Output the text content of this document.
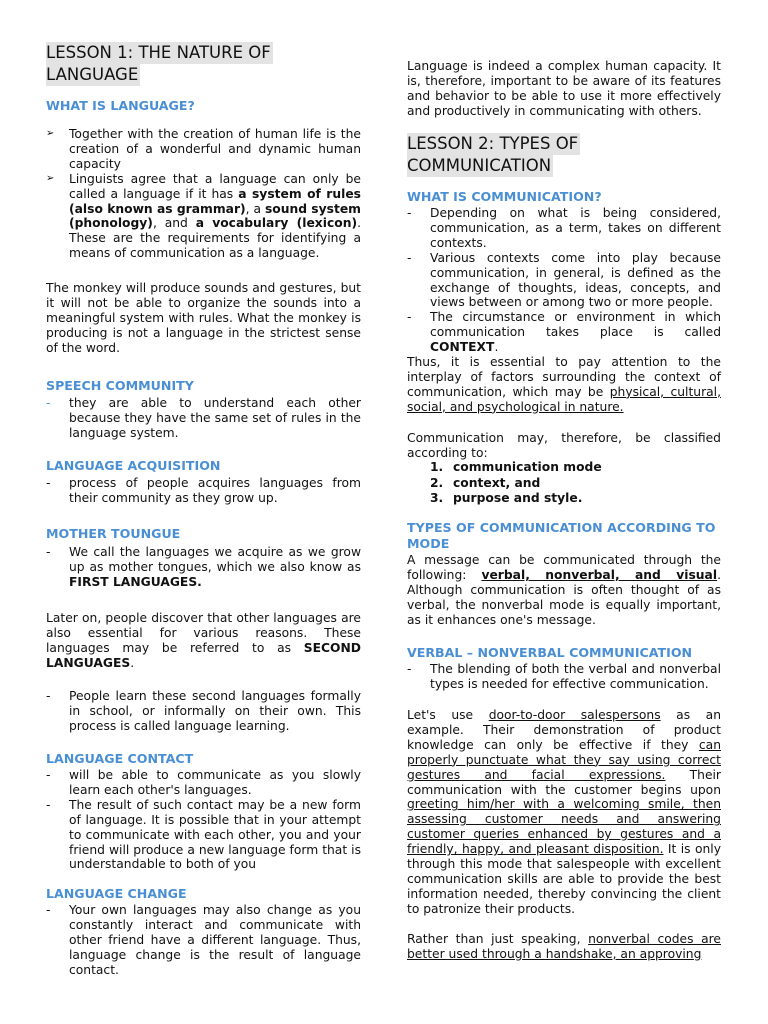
LESSON 1: THE NATURE OF
LANGUAGE
WHAT IS LANGUAGE?
➢ Together with the creation of human life is the creation of a wonderful and dynamic human capacity
➢ Linguists agree that a language can only be called a language if it has a system of rules (also known as grammar), a sound system (phonology), and a vocabulary (lexicon). These are the requirements for identifying a means of communication as a language.

The monkey will produce sounds and gestures, but it will not be able to organize the sounds into a meaningful system with rules. What the monkey is producing is not a language in the strictest sense of the word.

SPEECH COMMUNITY
- they are able to understand each other because they have the same set of rules in the language system.
LANGUAGE ACQUISITION
- process of people acquires languages from their community as they grow up.
MOTHER TOUNGUE
- We call the languages we acquire as we grow up as mother tongues, which we also know as FIRST LANGUAGES.

Later on, people discover that other languages are also essential for various reasons. These languages may be referred to as SECOND LANGUAGES.

- People learn these second languages formally in school, or informally on their own. This process is called language learning.
LANGUAGE CONTACT
- will be able to communicate as you slowly learn each other's languages.
- The result of such contact may be a new form of language. It is possible that in your attempt to communicate with each other, you and your friend will produce a new language form that is understandable to both of you
LANGUAGE CHANGE
- Your own languages may also change as you constantly interact and communicate with other friend have a different language. Thus, language change is the result of language contact.

Language is indeed a complex human capacity. It is, therefore, important to be aware of its features and behavior to be able to use it more effectively and productively in communicating with others.

LESSON 2: TYPES OF
COMMUNICATION
WHAT IS COMMUNICATION?
- Depending on what is being considered, communication, as a term, takes on different contexts.
- Various contexts come into play because communication, in general, is defined as the exchange of thoughts, ideas, concepts, and views between or among two or more people.
- The circumstance or environment in which communication takes place is called CONTEXT.

Thus, it is essential to pay attention to the interplay of factors surrounding the context of communication, which may be physical, cultural, social, and psychological in nature.

Communication may, therefore, be classified according to:

1. communication mode
2. context, and
3. purpose and style.
TYPES OF COMMUNICATION ACCORDING TO MODE

A message can be communicated through the following: verbal, nonverbal, and visual. Although communication is often thought of as verbal, the nonverbal mode is equally important, as it enhances one's message.

VERBAL – NONVERBAL COMMUNICATION
- The blending of both the verbal and nonverbal types is needed for effective communication.

Let's use door-to-door salespersons as an example. Their demonstration of product knowledge can only be effective if they can properly punctuate what they say using correct gestures and facial expressions. Their communication with the customer begins upon greeting him/her with a welcoming smile, then assessing customer needs and answering customer queries enhanced by gestures and a friendly, happy, and pleasant disposition. It is only through this mode that salespeople with excellent communication skills are able to provide the best information needed, thereby convincing the client to patronize their products.

Rather than just speaking, nonverbal codes are better used through a handshake, an approving
